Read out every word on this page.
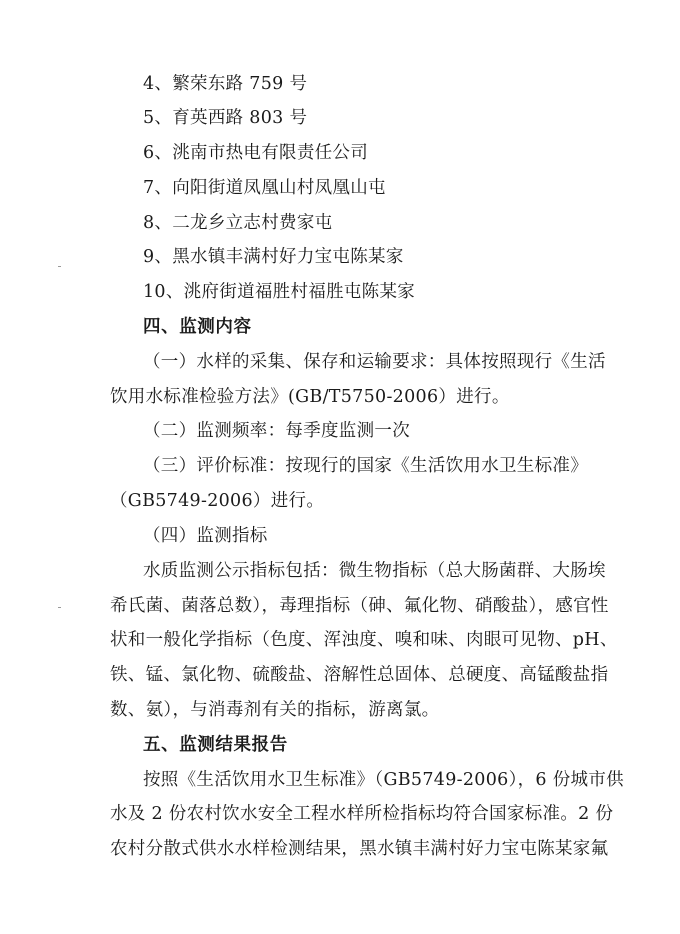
4、繁荣东路 759 号
5、育英西路 803 号
6、洮南市热电有限责任公司
7、向阳街道凤凰山村凤凰山屯
8、二龙乡立志村费家屯
9、黑水镇丰满村好力宝屯陈某家
10、洮府街道福胜村福胜屯陈某家
四、监测内容
（一）水样的采集、保存和运输要求：具体按照现行《生活
饮用水标准检验方法》(GB/T5750-2006）进行。
（二）监测频率：每季度监测一次
（三）评价标准：按现行的国家《生活饮用水卫生标准》
（GB5749-2006）进行。
（四）监测指标
水质监测公示指标包括：微生物指标（总大肠菌群、大肠埃
希氏菌、菌落总数），毒理指标（砷、氟化物、硝酸盐），感官性
状和一般化学指标（色度、浑浊度、嗅和味、肉眼可见物、pH、
铁、锰、氯化物、硫酸盐、溶解性总固体、总硬度、高锰酸盐指
数、氨），与消毒剂有关的指标，游离氯。
五、监测结果报告
按照《生活饮用水卫生标准》（GB5749-2006），6 份城市供
水及 2 份农村饮水安全工程水样所检指标均符合国家标准。2 份
农村分散式供水水样检测结果，黑水镇丰满村好力宝屯陈某家氟
